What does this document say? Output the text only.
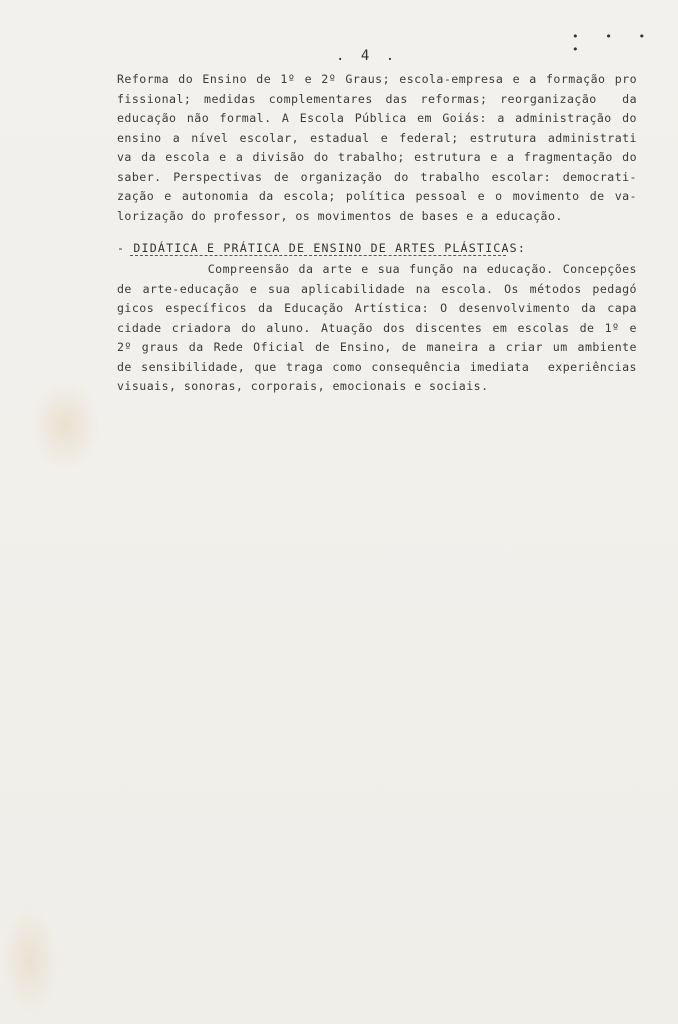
• • • •
. 4 .
Reforma do Ensino de 1º e 2º Graus; escola-empresa e a formação pro
fissional; medidas complementares das reformas; reorganização  da
educação não formal. A Escola Pública em Goiás: a administração do
ensino a nível escolar, estadual e federal; estrutura administrati
va da escola e a divisão do trabalho; estrutura e a fragmentação do
saber. Perspectivas de organização do trabalho escolar: democrati-
zação e autonomia da escola; política pessoal e o movimento de va-
lorização do professor, os movimentos de bases e a educação.
- DIDÁTICA E PRÁTICA DE ENSINO DE ARTES PLÁSTICAS:
Compreensão da arte e sua função na educação. Concepções
de arte-educação e sua aplicabilidade na escola. Os métodos pedagó
gicos específicos da Educação Artística: O desenvolvimento da capa
cidade criadora do aluno. Atuação dos discentes em escolas de 1º e
2º graus da Rede Oficial de Ensino, de maneira a criar um ambiente
de sensibilidade, que traga como consequência imediata  experiências
visuais, sonoras, corporais, emocionais e sociais.
